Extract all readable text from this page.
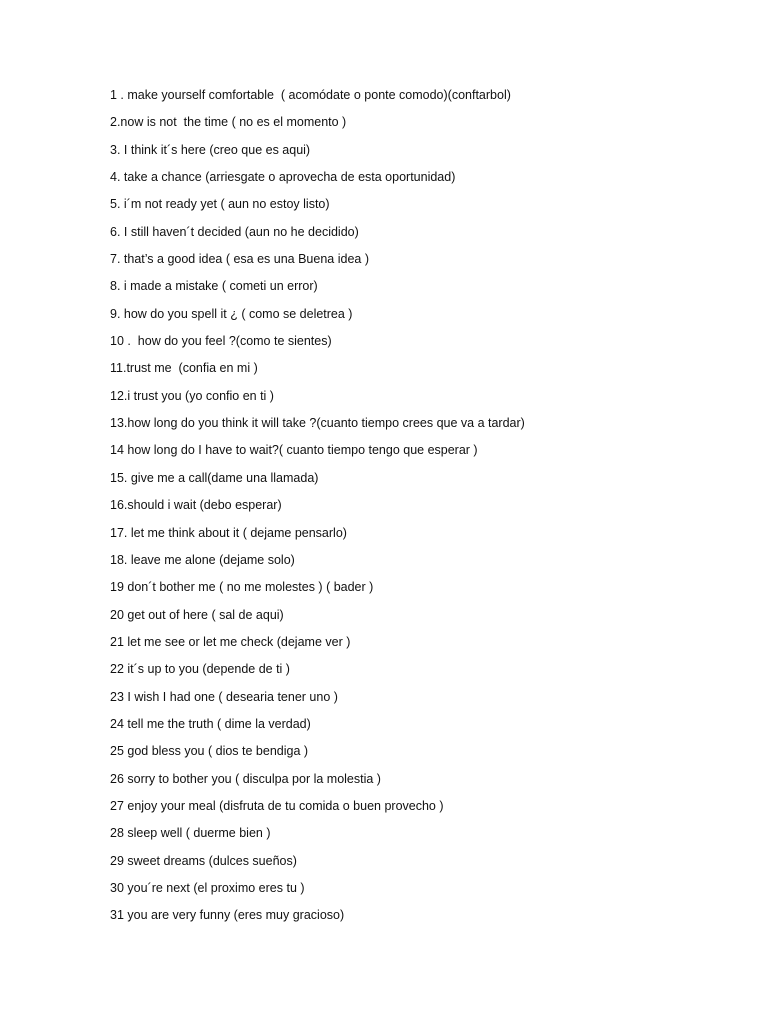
1 . make yourself comfortable  ( acomódate o ponte comodo)(conftarbol)
2.now is not  the time ( no es el momento )
3. I think it´s here (creo que es aqui)
4. take a chance (arriesgate o aprovecha de esta oportunidad)
5. i´m not ready yet ( aun no estoy listo)
6. I still haven´t decided (aun no he decidido)
7. that’s a good idea ( esa es una Buena idea )
8. i made a mistake ( cometi un error)
9. how do you spell it ¿ ( como se deletrea )
10 .  how do you feel ?(como te sientes)
11.trust me  (confia en mi )
12.i trust you (yo confio en ti )
13.how long do you think it will take ?(cuanto tiempo crees que va a tardar)
14 how long do I have to wait?( cuanto tiempo tengo que esperar )
15. give me a call(dame una llamada)
16.should i wait (debo esperar)
17. let me think about it ( dejame pensarlo)
18. leave me alone (dejame solo)
19 don´t bother me ( no me molestes ) ( bader )
20 get out of here ( sal de aqui)
21 let me see or let me check (dejame ver )
22 it´s up to you (depende de ti )
23 I wish I had one ( desearia tener uno )
24 tell me the truth ( dime la verdad)
25 god bless you ( dios te bendiga )
26 sorry to bother you ( disculpa por la molestia )
27 enjoy your meal (disfruta de tu comida o buen provecho )
28 sleep well ( duerme bien )
29 sweet dreams (dulces sueños)
30 you´re next (el proximo eres tu )
31 you are very funny (eres muy gracioso)
